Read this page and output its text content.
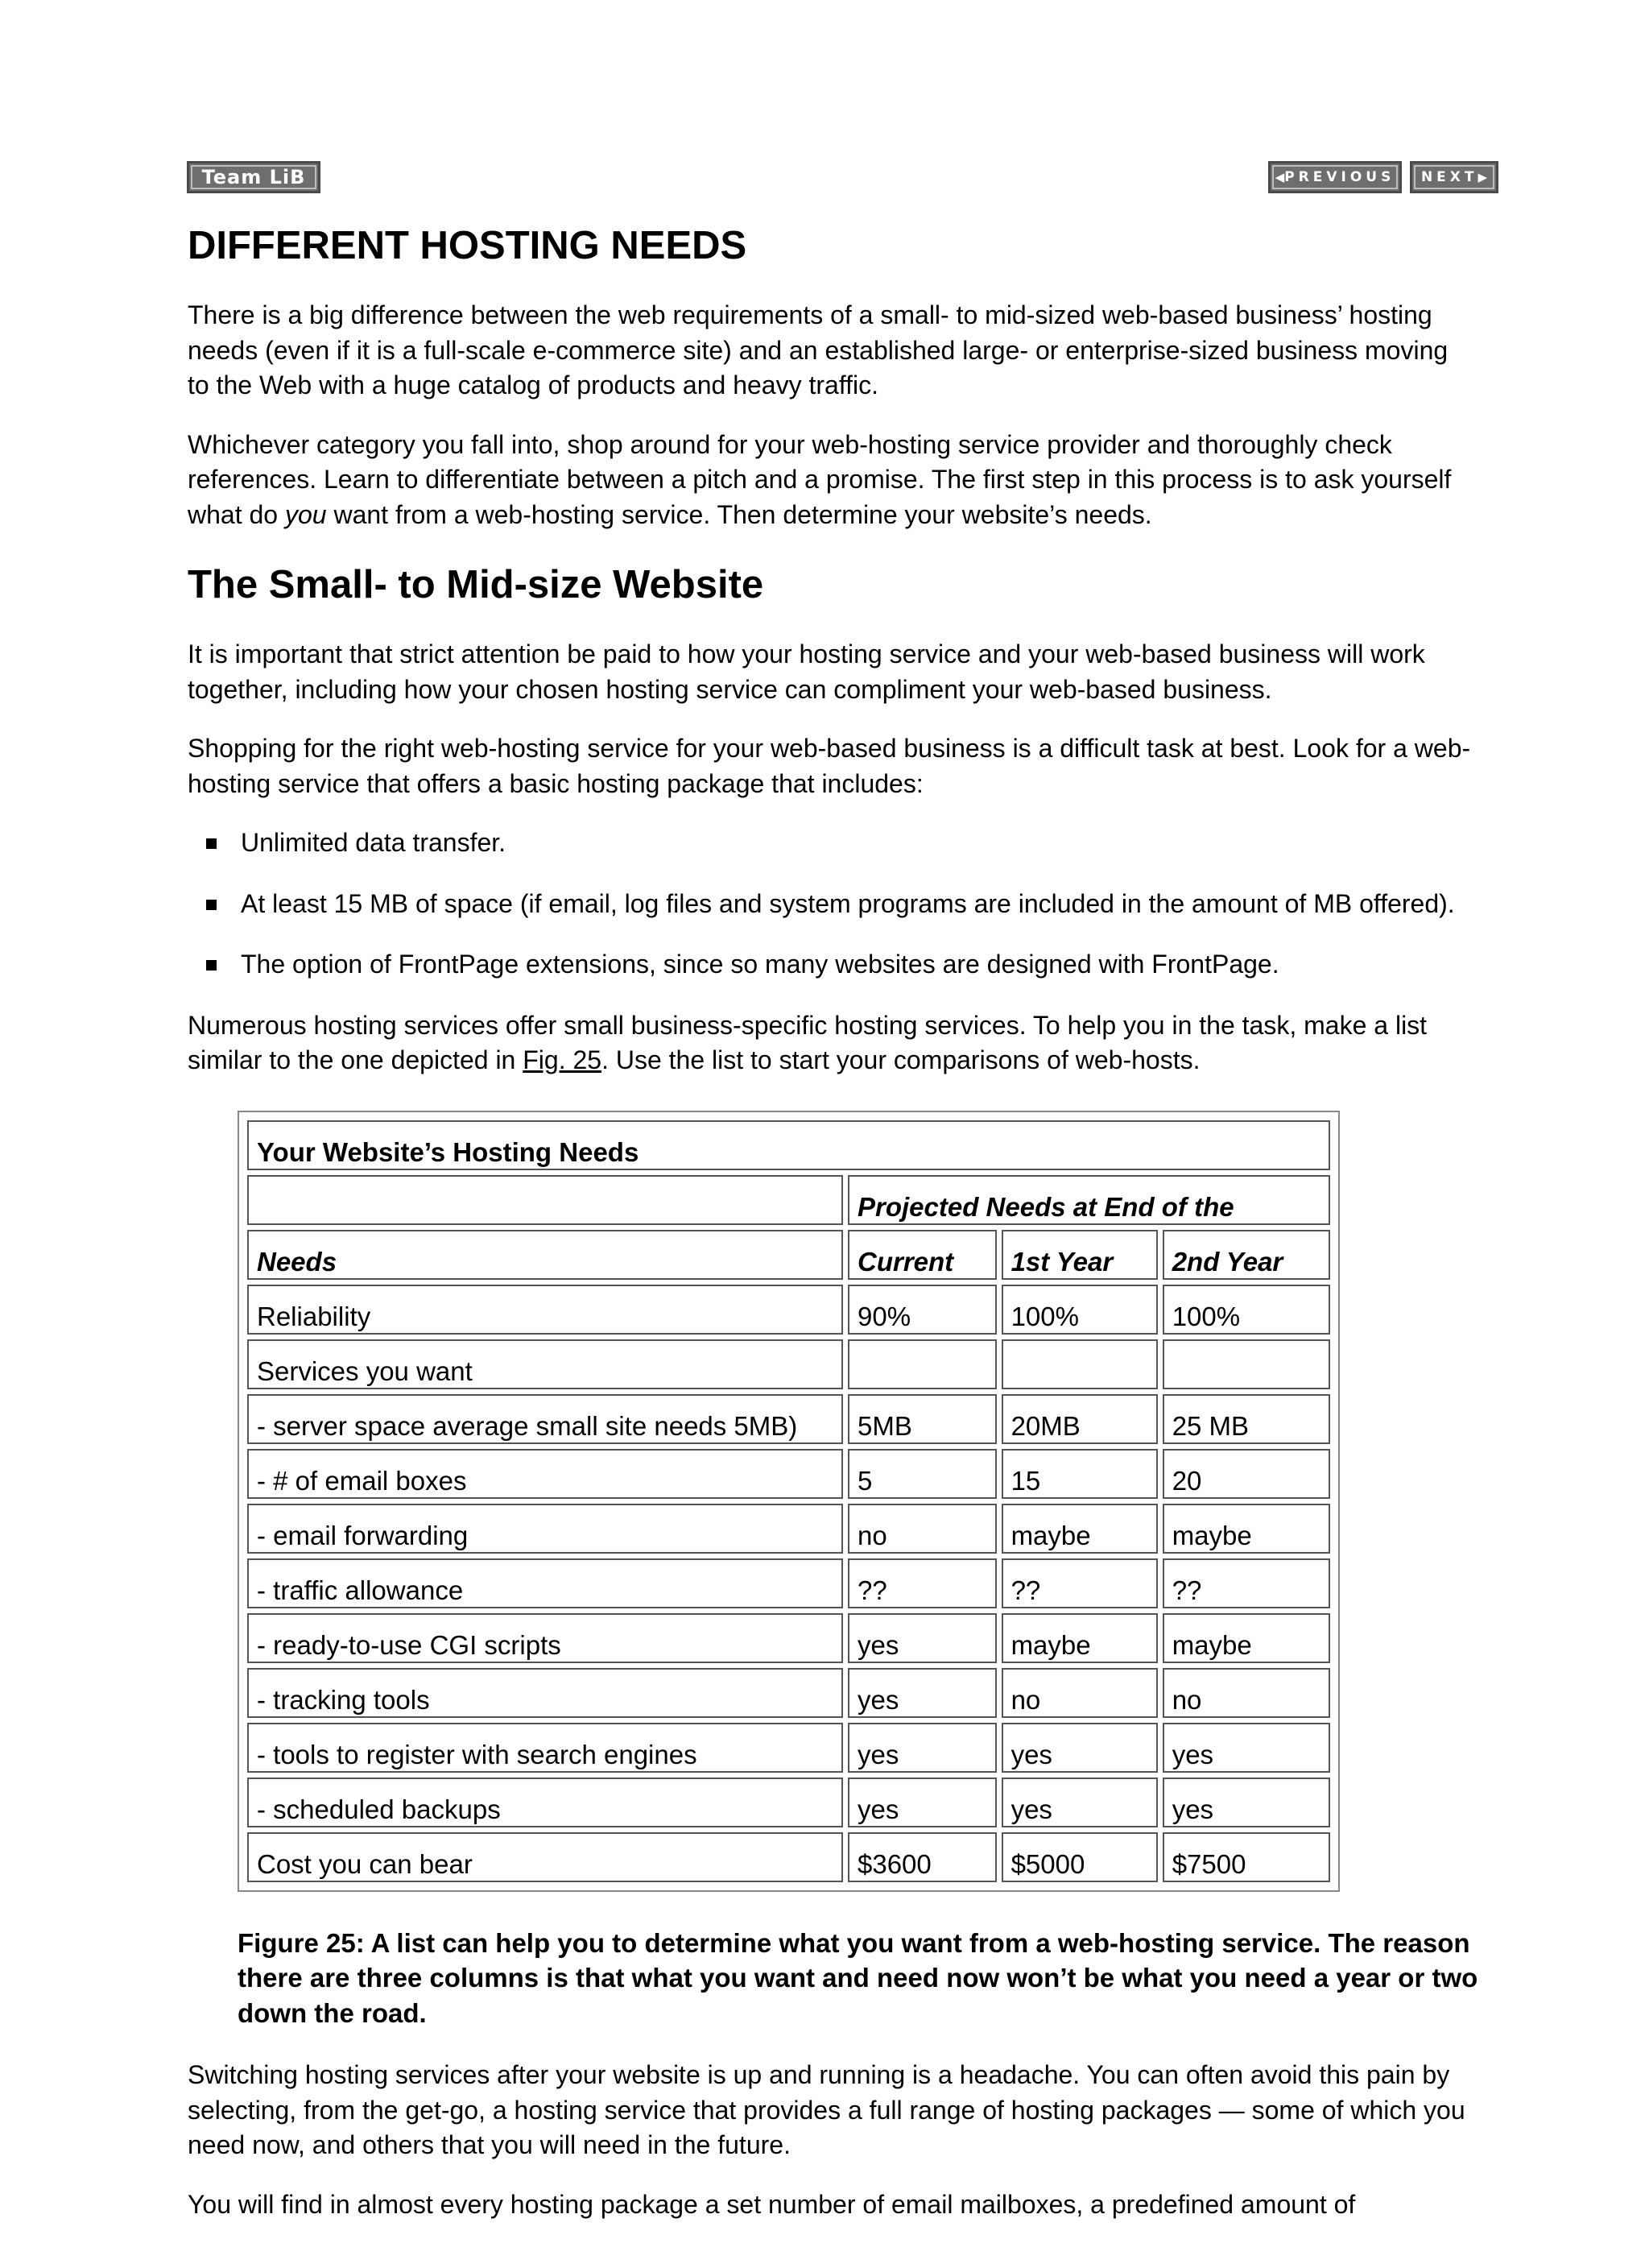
Team LiB	◀ PREVIOUS NEXT ▶
DIFFERENT HOSTING NEEDS

There is a big difference between the web requirements of a small- to mid-sized web-based business’ hosting needs (even if it is a full-scale e-commerce site) and an established large- or enterprise-sized business moving to the Web with a huge catalog of products and heavy traffic.

Whichever category you fall into, shop around for your web-hosting service provider and thoroughly check references. Learn to differentiate between a pitch and a promise. The first step in this process is to ask yourself what do you want from a web-hosting service. Then determine your website’s needs.

The Small- to Mid-size Website

It is important that strict attention be paid to how your hosting service and your web-based business will work together, including how your chosen hosting service can compliment your web-based business.

Shopping for the right web-hosting service for your web-based business is a difficult task at best. Look for a web-hosting service that offers a basic hosting package that includes:

Unlimited data transfer.
At least 15 MB of space (if email, log files and system programs are included in the amount of MB offered).
The option of FrontPage extensions, since so many websites are designed with FrontPage.

Numerous hosting services offer small business-specific hosting services. To help you in the task, make a list similar to the one depicted in Fig. 25. Use the list to start your comparisons of web-hosts.

Your Website’s Hosting Needs			
	Projected Needs at End of the		
Needs	Current	1st Year	2nd Year
Reliability	90%	100%	100%
Services you want			
- server space average small site needs 5MB)	5MB	20MB	25 MB
- # of email boxes	5	15	20
- email forwarding	no	maybe	maybe
- traffic allowance	??	??	??
- ready-to-use CGI scripts	yes	maybe	maybe
- tracking tools	yes	no	no
- tools to register with search engines	yes	yes	yes
- scheduled backups	yes	yes	yes
Cost you can bear	$3600	$5000	$7500
Figure 25: A list can help you to determine what you want from a web-hosting service. The reason there are three columns is that what you want and need now won’t be what you need a year or two down the road.

Switching hosting services after your website is up and running is a headache. You can often avoid this pain by selecting, from the get-go, a hosting service that provides a full range of hosting packages — some of which you need now, and others that you will need in the future.

You will find in almost every hosting package a set number of email mailboxes, a predefined amount of
